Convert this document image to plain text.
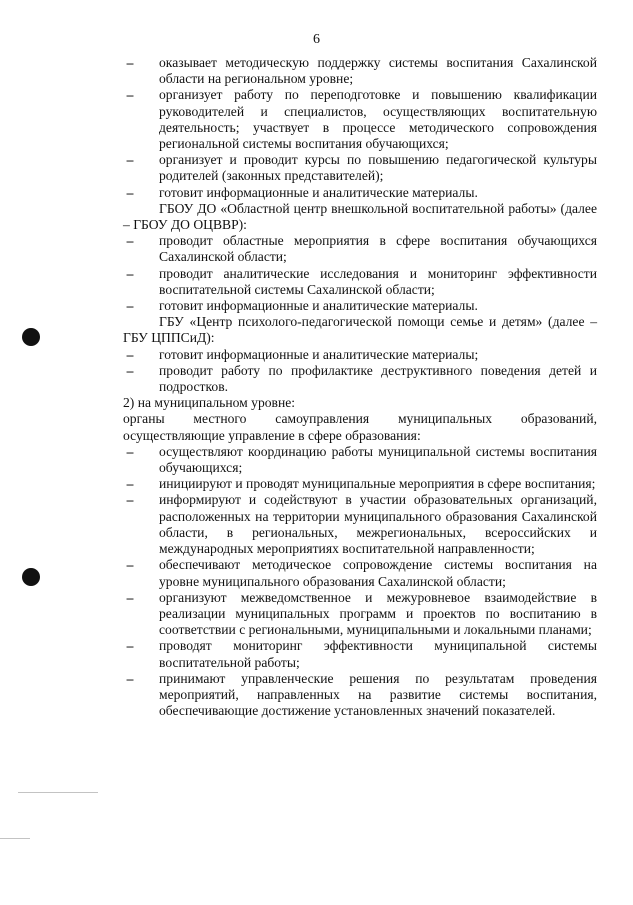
6
– оказывает методическую поддержку системы воспитания Сахалинской области на региональном уровне;
– организует работу по переподготовке и повышению квалификации руководителей и специалистов, осуществляющих воспитательную деятельность; участвует в процессе методического сопровождения региональной системы воспитания обучающихся;
– организует и проводит курсы по повышению педагогической культуры родителей (законных представителей);
– готовит информационные и аналитические материалы.
ГБОУ ДО «Областной центр внешкольной воспитательной работы» (далее – ГБОУ ДО ОЦВВР):
– проводит областные мероприятия в сфере воспитания обучающихся Сахалинской области;
– проводит аналитические исследования и мониторинг эффективности воспитательной системы Сахалинской области;
– готовит информационные и аналитические материалы.
ГБУ «Центр психолого-педагогической помощи семье и детям» (далее – ГБУ ЦППСиД):
– готовит информационные и аналитические материалы;
– проводит работу по профилактике деструктивного поведения детей и подростков.
2) на муниципальном уровне:
органы местного самоуправления муниципальных образований, осуществляющие управление в сфере образования:
– осуществляют координацию работы муниципальной системы воспитания обучающихся;
– инициируют и проводят муниципальные мероприятия в сфере воспитания;
– информируют и содействуют в участии образовательных организаций, расположенных на территории муниципального образования Сахалинской области, в региональных, межрегиональных, всероссийских и международных мероприятиях воспитательной направленности;
– обеспечивают методическое сопровождение системы воспитания на уровне муниципального образования Сахалинской области;
– организуют межведомственное и межуровневое взаимодействие в реализации муниципальных программ и проектов по воспитанию в соответствии с региональными, муниципальными и локальными планами;
– проводят мониторинг эффективности муниципальной системы воспитательной работы;
– принимают управленческие решения по результатам проведения мероприятий, направленных на развитие системы воспитания, обеспечивающие достижение установленных значений показателей.
